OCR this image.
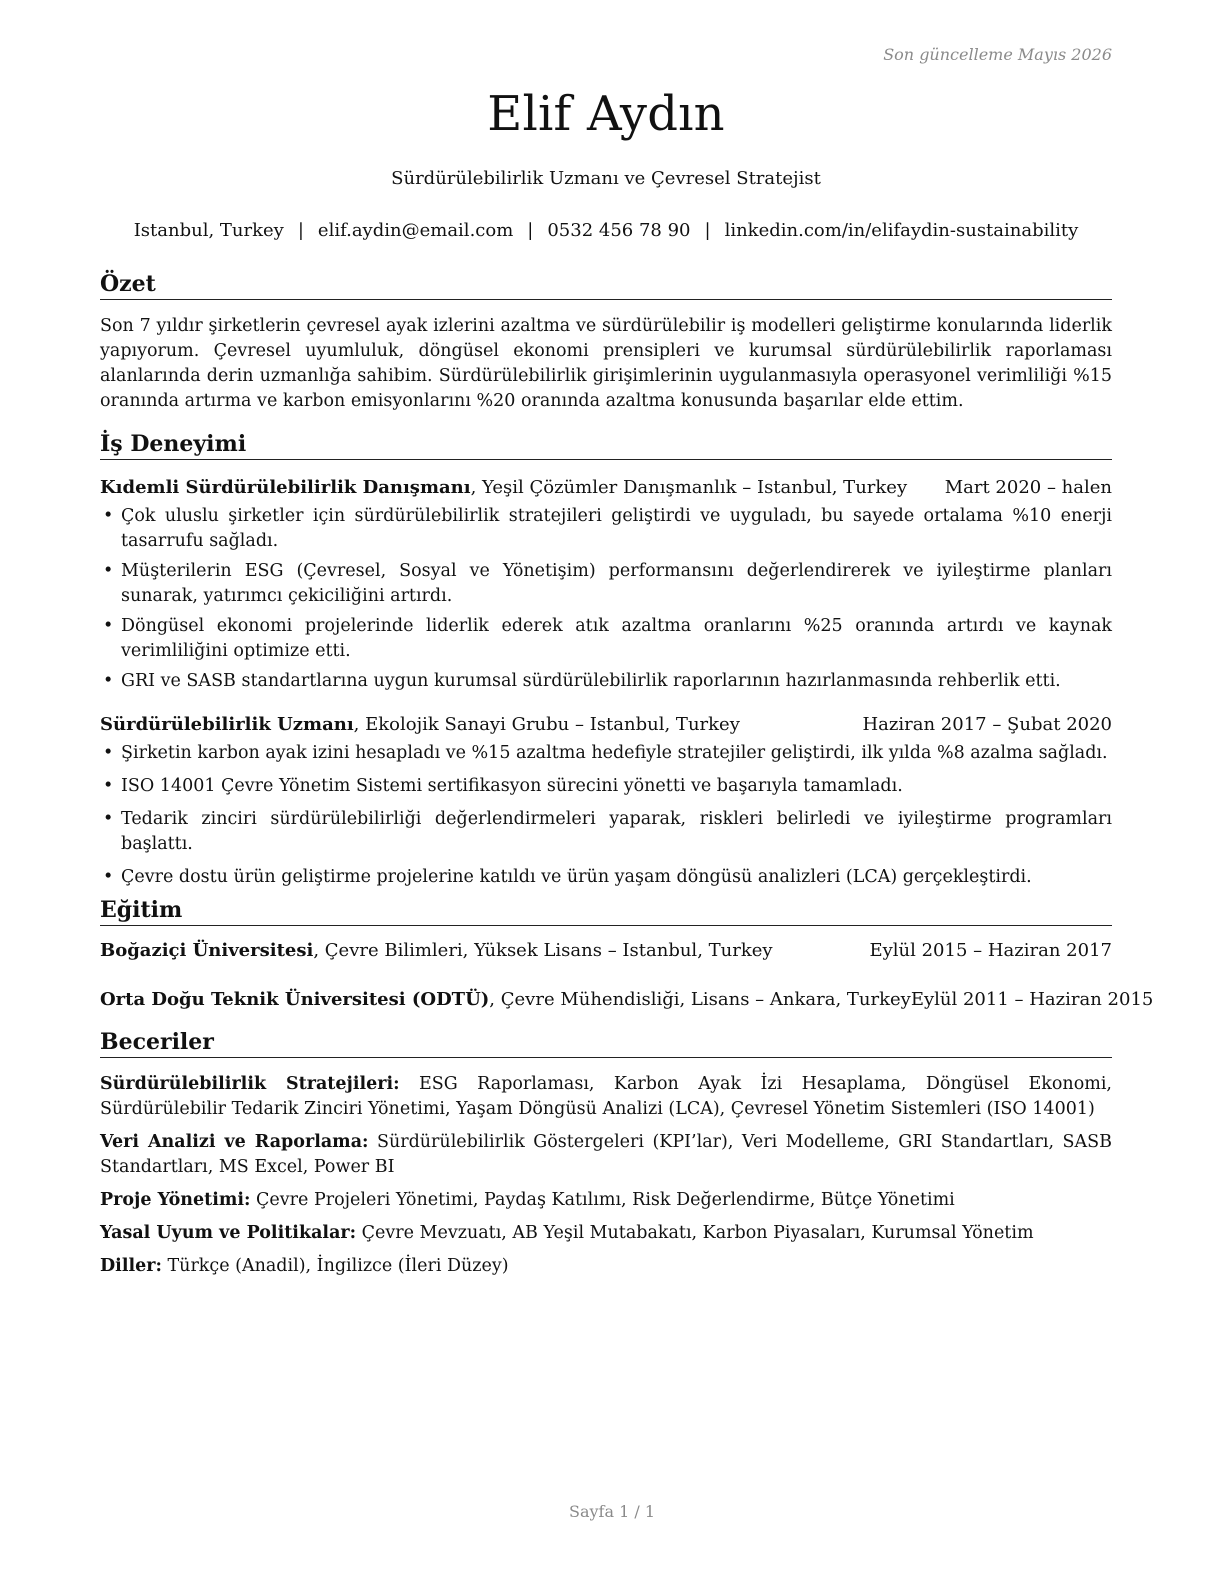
Son güncelleme Mayıs 2026
Elif Aydın
Sürdürülebilirlik Uzmanı ve Çevresel Stratejist
Istanbul, Turkey | elif.aydin@email.com | 0532 456 78 90 | linkedin.com/in/elifaydin-sustainability
Özet
Son 7 yıldır şirketlerin çevresel ayak izlerini azaltma ve sürdürülebilir iş modelleri geliştirme konularında liderlik yapıyorum. Çevresel uyumluluk, döngüsel ekonomi prensipleri ve kurumsal sürdürülebilirlik raporlaması alanlarında derin uzmanlığa sahibim. Sürdürülebilirlik girişimlerinin uygulanmasıyla operasyonel verimliliği %15 oranında artırma ve karbon emisyonlarını %20 oranında azaltma konusunda başarılar elde ettim.
İş Deneyimi
Kıdemli Sürdürülebilirlik Danışmanı, Yeşil Çözümler Danışmanlık – Istanbul, Turkey Mart 2020 – halen
• Çok uluslu şirketler için sürdürülebilirlik stratejileri geliştirdi ve uyguladı, bu sayede ortalama %10 enerji tasarrufu sağladı.
• Müşterilerin ESG (Çevresel, Sosyal ve Yönetişim) performansını değerlendirerek ve iyileştirme planları sunarak, yatırımcı çekiciliğini artırdı.
• Döngüsel ekonomi projelerinde liderlik ederek atık azaltma oranlarını %25 oranında artırdı ve kaynak verimliliğini optimize etti.
• GRI ve SASB standartlarına uygun kurumsal sürdürülebilirlik raporlarının hazırlanmasında rehberlik etti.
Sürdürülebilirlik Uzmanı, Ekolojik Sanayi Grubu – Istanbul, Turkey	Haziran 2017 – Şubat 2020
• Şirketin karbon ayak izini hesapladı ve %15 azaltma hedefiyle stratejiler geliştirdi, ilk yılda %8 azalma sağladı.
• ISO 14001 Çevre Yönetim Sistemi sertifikasyon sürecini yönetti ve başarıyla tamamladı.
• Tedarik zinciri sürdürülebilirliği değerlendirmeleri yaparak, riskleri belirledi ve iyileştirme programları başlattı.
• Çevre dostu ürün geliştirme projelerine katıldı ve ürün yaşam döngüsü analizleri (LCA) gerçekleştirdi.
Eğitim
Boğaziçi Üniversitesi, Çevre Bilimleri, Yüksek Lisans – Istanbul, Turkey	Eylül 2015 – Haziran 2017
Orta Doğu Teknik Üniversitesi (ODTÜ), Çevre Mühendisliği, Lisans – Ankara, Turkey Eylül 2011 – Haziran 2015
Beceriler
Sürdürülebilirlik Stratejileri: ESG Raporlaması, Karbon Ayak İzi Hesaplama, Döngüsel Ekonomi, Sürdürülebilir Tedarik Zinciri Yönetimi, Yaşam Döngüsü Analizi (LCA), Çevresel Yönetim Sistemleri (ISO 14001)
Veri Analizi ve Raporlama: Sürdürülebilirlik Göstergeleri (KPI’lar), Veri Modelleme, GRI Standartları, SASB Standartları, MS Excel, Power BI
Proje Yönetimi: Çevre Projeleri Yönetimi, Paydaş Katılımı, Risk Değerlendirme, Bütçe Yönetimi
Yasal Uyum ve Politikalar: Çevre Mevzuatı, AB Yeşil Mutabakatı, Karbon Piyasaları, Kurumsal Yönetim
Diller: Türkçe (Anadil), İngilizce (İleri Düzey)
Sayfa 1 / 1
